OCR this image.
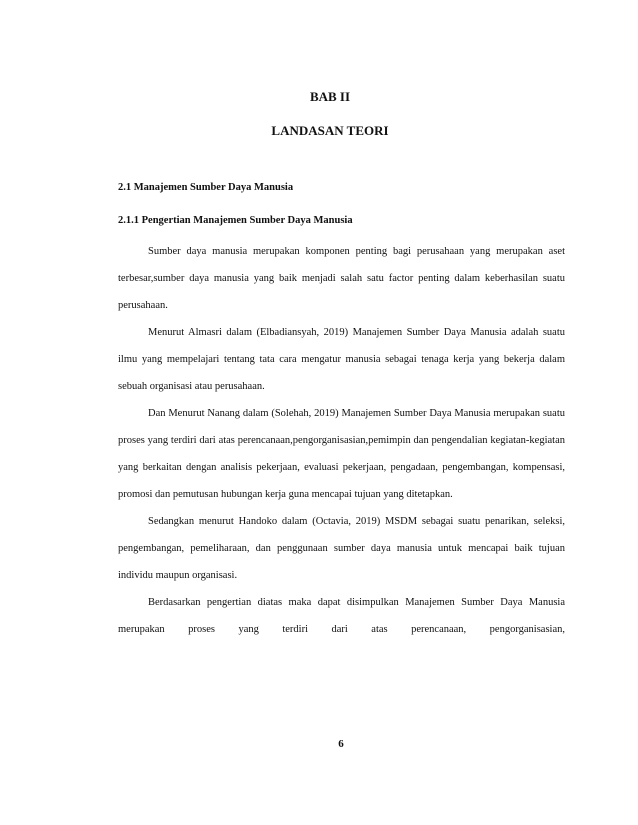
BAB II
LANDASAN TEORI
2.1 Manajemen Sumber Daya Manusia
2.1.1 Pengertian Manajemen Sumber Daya Manusia

Sumber daya manusia merupakan komponen penting bagi perusahaan yang merupakan aset terbesar,sumber daya manusia yang baik menjadi salah satu factor penting dalam keberhasilan suatu perusahaan.

Menurut Almasri dalam (Elbadiansyah, 2019) Manajemen Sumber Daya Manusia adalah suatu ilmu yang mempelajari tentang tata cara mengatur manusia sebagai tenaga kerja yang bekerja dalam sebuah organisasi atau perusahaan.

Dan Menurut Nanang dalam (Solehah, 2019) Manajemen Sumber Daya Manusia merupakan suatu proses yang terdiri dari atas perencanaan,pengorganisasian,pemimpin dan pengendalian kegiatan-kegiatan yang berkaitan dengan analisis pekerjaan, evaluasi pekerjaan, pengadaan, pengembangan, kompensasi, promosi dan pemutusan hubungan kerja guna mencapai tujuan yang ditetapkan.

Sedangkan menurut Handoko dalam (Octavia, 2019) MSDM sebagai suatu penarikan, seleksi, pengembangan, pemeliharaan, dan penggunaan sumber daya manusia untuk mencapai baik tujuan individu maupun organisasi.

Berdasarkan pengertian diatas maka dapat disimpulkan Manajemen Sumber Daya Manusia merupakan proses yang terdiri dari atas perencanaan, pengorganisasian,

6
